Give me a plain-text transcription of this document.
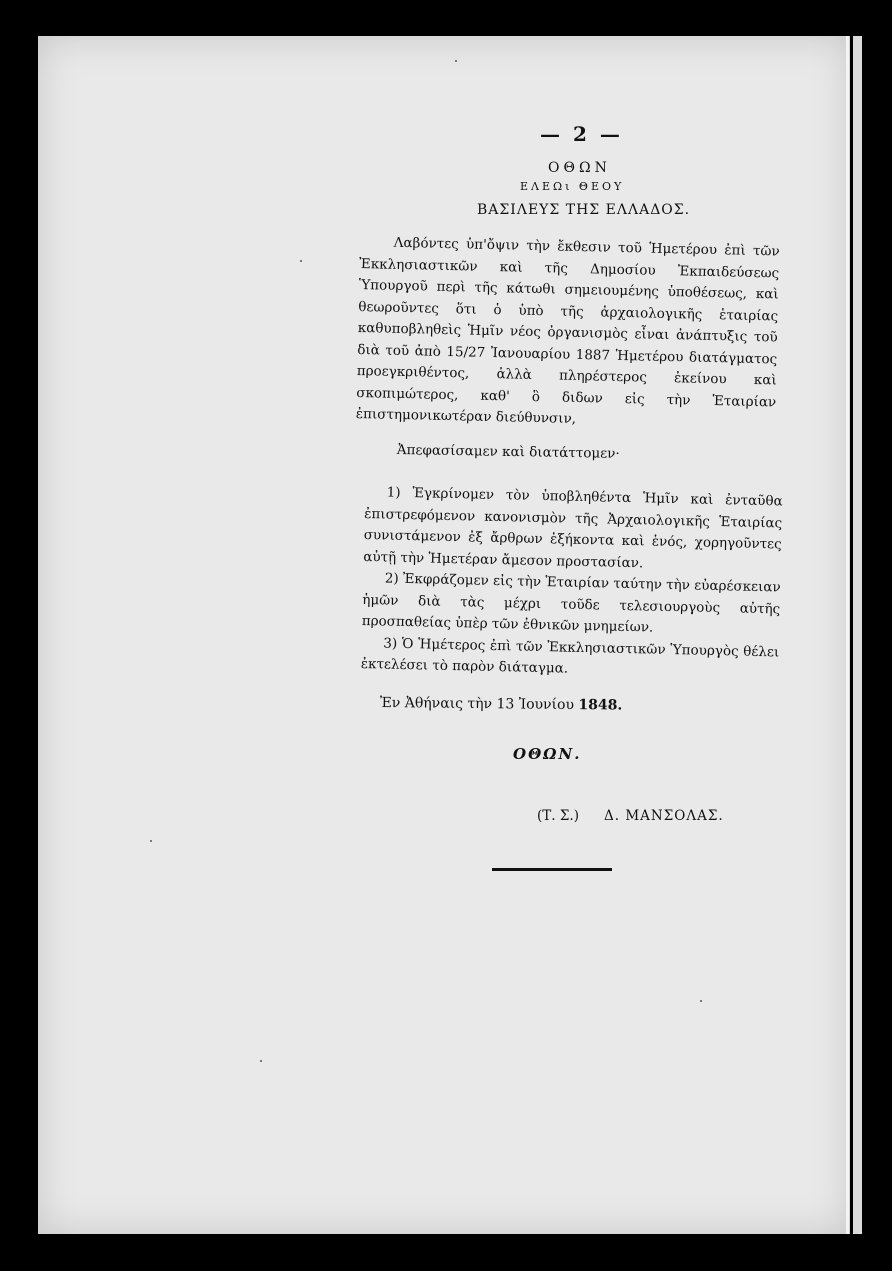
— 2 —
ΟΘΩΝ
ΕΛΕΩι ΘΕΟΥ
ΒΑΣΙΛΕΥΣ ΤΗΣ ΕΛΛΑΔΟΣ.
Λαβόντες ὑπ'ὄψιν τὴν ἔκθεσιν τοῦ Ἡμετέρου ἐπὶ τῶν Ἐκκλησιαστικῶν καὶ τῆς Δημοσίου Ἐκπαιδεύσεως Ὑπουργοῦ περὶ τῆς κάτωθι σημειουμένης ὑποθέσεως, καὶ θεωροῦντες ὅτι ὁ ὑπὸ τῆς ἀρχαιολογικῆς ἑταιρίας καθυποβληθεὶς Ἡμῖν νέος ὀργανισμὸς εἶναι ἀνάπτυξις τοῦ διὰ τοῦ ἀπὸ 15/27 Ἰανουαρίου 1887 Ἡμετέρου διατάγματος προεγκριθέντος, ἀλλὰ πληρέστερος ἐκείνου καὶ σκοπιμώτερος, καθ' ὃ διδων εἰς τὴν Ἑταιρίαν ἐπιστημονικωτέραν διεύθυνσιν,
Ἀπεφασίσαμεν καὶ διατάττομεν·

1) Ἐγκρίνομεν τὸν ὑποβληθέντα Ἡμῖν καὶ ἐνταῦθα ἐπιστρεφόμενον κανονισμὸν τῆς Ἀρχαιολογικῆς Ἑταιρίας συνιστάμενον ἐξ ἄρθρων ἑξήκοντα καὶ ἑνός, χορηγοῦντες αὐτῇ τὴν Ἡμετέραν ἄμεσον προστασίαν.

2) Ἐκφράζομεν εἰς τὴν Ἑταιρίαν ταύτην τὴν εὐαρέσκειαν ἡμῶν διὰ τὰς μέχρι τοῦδε τελεσιουργοὺς αὐτῆς προσπαθείας ὑπὲρ τῶν ἐθνικῶν μνημείων.

3) Ὁ Ἡμέτερος ἐπὶ τῶν Ἐκκλησιαστικῶν Ὑπουργὸς θέλει ἐκτελέσει τὸ παρὸν διάταγμα.

Ἐν Ἀθήναις τὴν 13 Ἰουνίου 1848.
ΟΘΩΝ.
(Τ. Σ.) Δ. ΜΑΝΣΟΛΑΣ.
